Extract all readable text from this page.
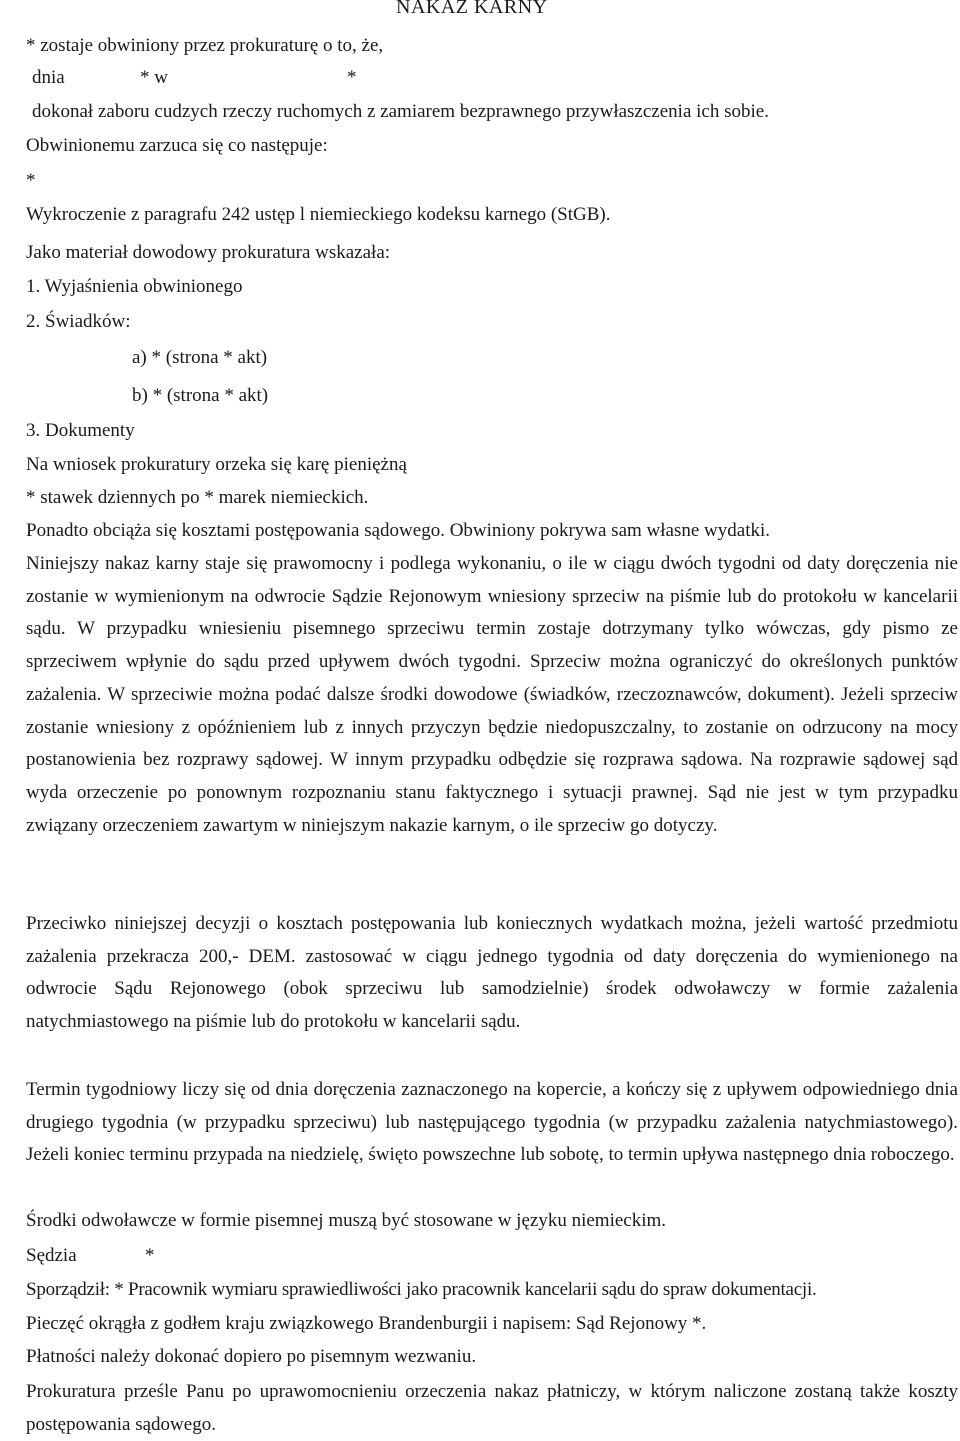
NAKAZ KARNY
* zostaje obwiniony przez prokuraturę o to, że,
dnia	* w	*
dokonał zaboru cudzych rzeczy ruchomych z zamiarem bezprawnego przywłaszczenia ich sobie.
Obwinionemu zarzuca się co następuje:
*
Wykroczenie z paragrafu 242 ustęp l niemieckiego kodeksu karnego (StGB).
Jako materiał dowodowy prokuratura wskazała:
1. Wyjaśnienia obwinionego
2. Świadków:
a) * (strona * akt)
b) * (strona * akt)
3. Dokumenty
Na wniosek prokuratury orzeka się karę pieniężną
* stawek dziennych po * marek niemieckich.
Ponadto obciąża się kosztami postępowania sądowego. Obwiniony pokrywa sam własne wydatki.
Niniejszy nakaz karny staje się prawomocny i podlega wykonaniu, o ile w ciągu dwóch tygodni od daty doręczenia nie zostanie w wymienionym na odwrocie Sądzie Rejonowym wniesiony sprzeciw na piśmie lub do protokołu w kancelarii sądu. W przypadku wniesieniu pisemnego sprzeciwu termin zostaje dotrzymany tylko wówczas, gdy pismo ze sprzeciwem wpłynie do sądu przed upływem dwóch tygodni. Sprzeciw można ograniczyć do określonych punktów zażalenia. W sprzeciwie można podać dalsze środki dowodowe (świadków, rzeczoznawców, dokument). Jeżeli sprzeciw zostanie wniesiony z opóźnieniem lub z innych przyczyn będzie niedopuszczalny, to zostanie on odrzucony na mocy postanowienia bez rozprawy sądowej. W innym przypadku odbędzie się rozprawa sądowa. Na rozprawie sądowej sąd wyda orzeczenie po ponownym rozpoznaniu stanu faktycznego i sytuacji prawnej. Sąd nie jest w tym przypadku związany orzeczeniem zawartym w niniejszym nakazie karnym, o ile sprzeciw go dotyczy.
Przeciwko niniejszej decyzji o kosztach postępowania lub koniecznych wydatkach można, jeżeli wartość przedmiotu zażalenia przekracza 200,- DEM. zastosować w ciągu jednego tygodnia od daty doręczenia do wymienionego na odwrocie Sądu Rejonowego (obok sprzeciwu lub samodzielnie) środek odwoławczy w formie zażalenia natychmiastowego na piśmie lub do protokołu w kancelarii sądu.
Termin tygodniowy liczy się od dnia doręczenia zaznaczonego na kopercie, a kończy się z upływem odpowiedniego dnia drugiego tygodnia (w przypadku sprzeciwu) lub następującego tygodnia (w przypadku zażalenia natychmiastowego). Jeżeli koniec terminu przypada na niedzielę, święto powszechne lub sobotę, to termin upływa następnego dnia roboczego.
Środki odwoławcze w formie pisemnej muszą być stosowane w języku niemieckim.
Sędzia	*
Sporządził: * Pracownik wymiaru sprawiedliwości jako pracownik kancelarii sądu do spraw dokumentacji.
Pieczęć okrągła z godłem kraju związkowego Brandenburgii i napisem: Sąd Rejonowy *.
Płatności należy dokonać dopiero po pisemnym wezwaniu.
Prokuratura prześle Panu po uprawomocnieniu orzeczenia nakaz płatniczy, w którym naliczone zostaną także koszty postępowania sądowego.
